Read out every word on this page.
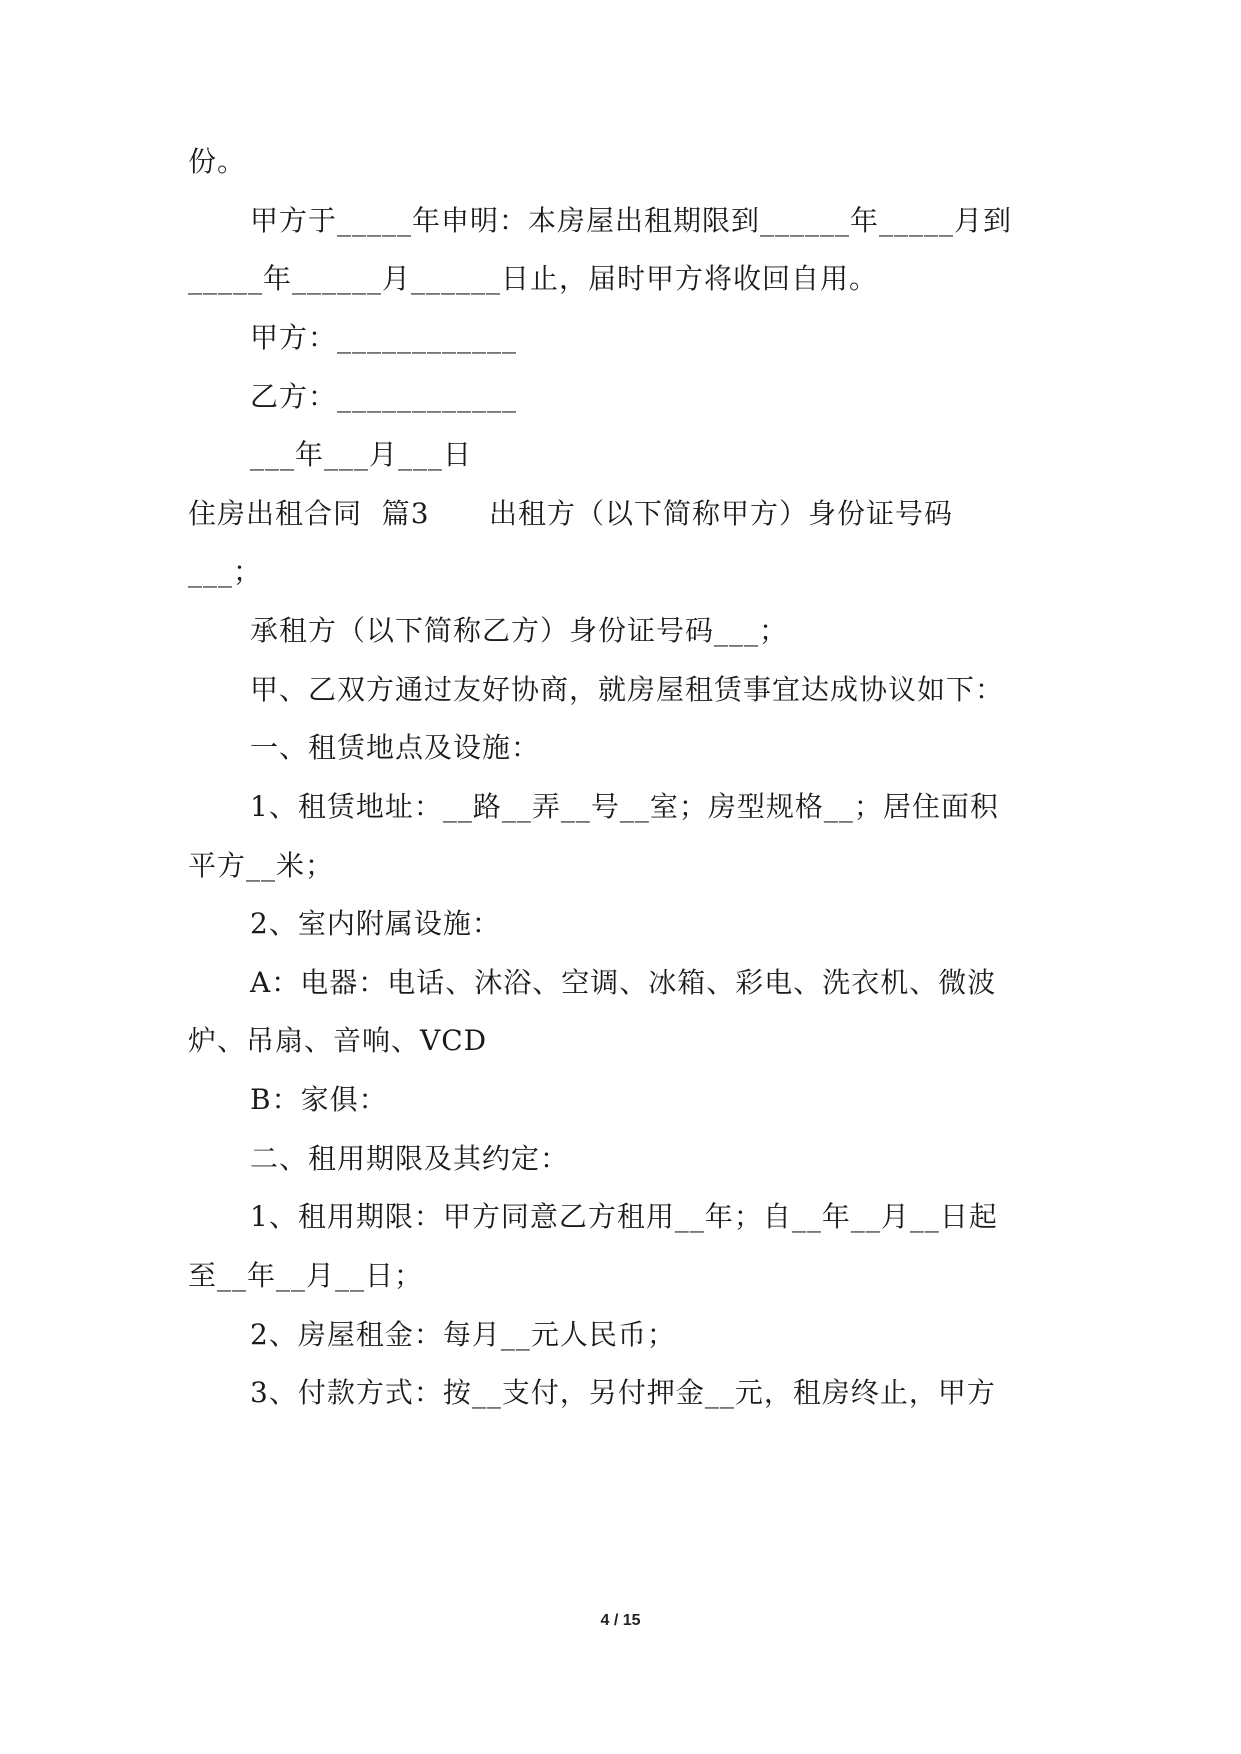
份。
甲方于_____年申明：本房屋出租期限到______年_____月到
_____年______月______日止，届时甲方将收回自用。
甲方：____________
乙方：____________
___年___月___日
住房出租合同  篇3      出租方（以下简称甲方）身份证号码
___；
承租方（以下简称乙方）身份证号码___；
甲、乙双方通过友好协商，就房屋租赁事宜达成协议如下：
一、租赁地点及设施：
1、租赁地址：__路__弄__号__室；房型规格__；居住面积
平方__米；
2、室内附属设施：
A：电器：电话、沐浴、空调、冰箱、彩电、洗衣机、微波
炉、吊扇、音响、VCD
B：家俱：
二、租用期限及其约定：
1、租用期限：甲方同意乙方租用__年；自__年__月__日起
至__年__月__日；
2、房屋租金：每月__元人民币；
3、付款方式：按__支付，另付押金__元，租房终止，甲方
4 / 15
